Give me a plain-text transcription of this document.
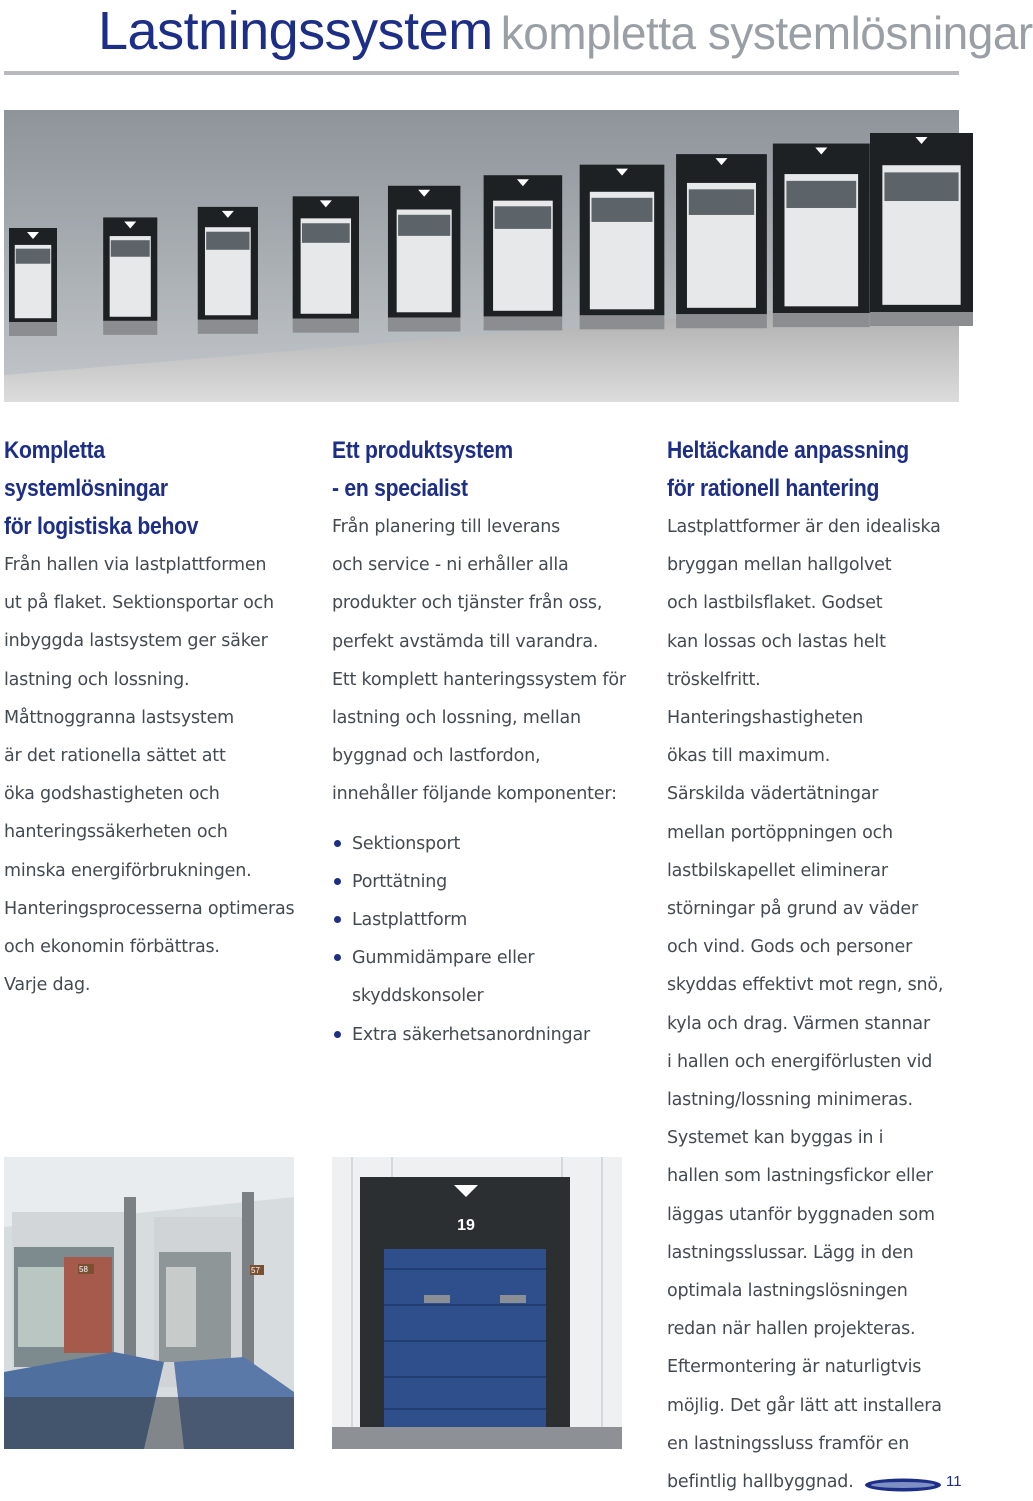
Lastningssystem kompletta systemlösningar
58	57
19
Kompletta systemlösningar
för logistiska behov

Från hallen via lastplattformen
ut på flaket. Sektionsportar och
inbyggda lastsystem ger säker
lastning och lossning.
Måttnoggranna lastsystem
är det rationella sättet att
öka godshastigheten och
hanteringssäkerheten och
minska energiförbrukningen.
Hanteringsprocesserna optimeras
och ekonomin förbättras.
Varje dag.

Ett produktsystem
- en specialist

Från planering till leverans
och service - ni erhåller alla
produkter och tjänster från oss,
perfekt avstämda till varandra.
Ett komplett hanteringssystem för
lastning och lossning, mellan
byggnad och lastfordon,
innehåller följande komponenter:

Sektionsport
Porttätning
Lastplattform
Gummidämpare eller
skyddskonsoler
Extra säkerhetsanordningar
Heltäckande anpassning
för rationell hantering

Lastplattformer är den idealiska
bryggan mellan hallgolvet
och lastbilsflaket. Godset
kan lossas och lastas helt
tröskelfritt. Hanteringshastigheten
ökas till maximum.
Särskilda vädertätningar
mellan portöppningen och
lastbilskapellet eliminerar
störningar på grund av väder
och vind. Gods och personer
skyddas effektivt mot regn, snö,
kyla och drag. Värmen stannar
i hallen och energiförlusten vid
lastning/lossning minimeras.
Systemet kan byggas in i
hallen som lastningsfickor eller
läggas utanför byggnaden som
lastningsslussar. Lägg in den
optimala lastningslösningen
redan när hallen projekteras.
Eftermontering är naturligtvis
möjlig. Det går lätt att installera
en lastningssluss framför en
befintlig hallbyggnad.	11
